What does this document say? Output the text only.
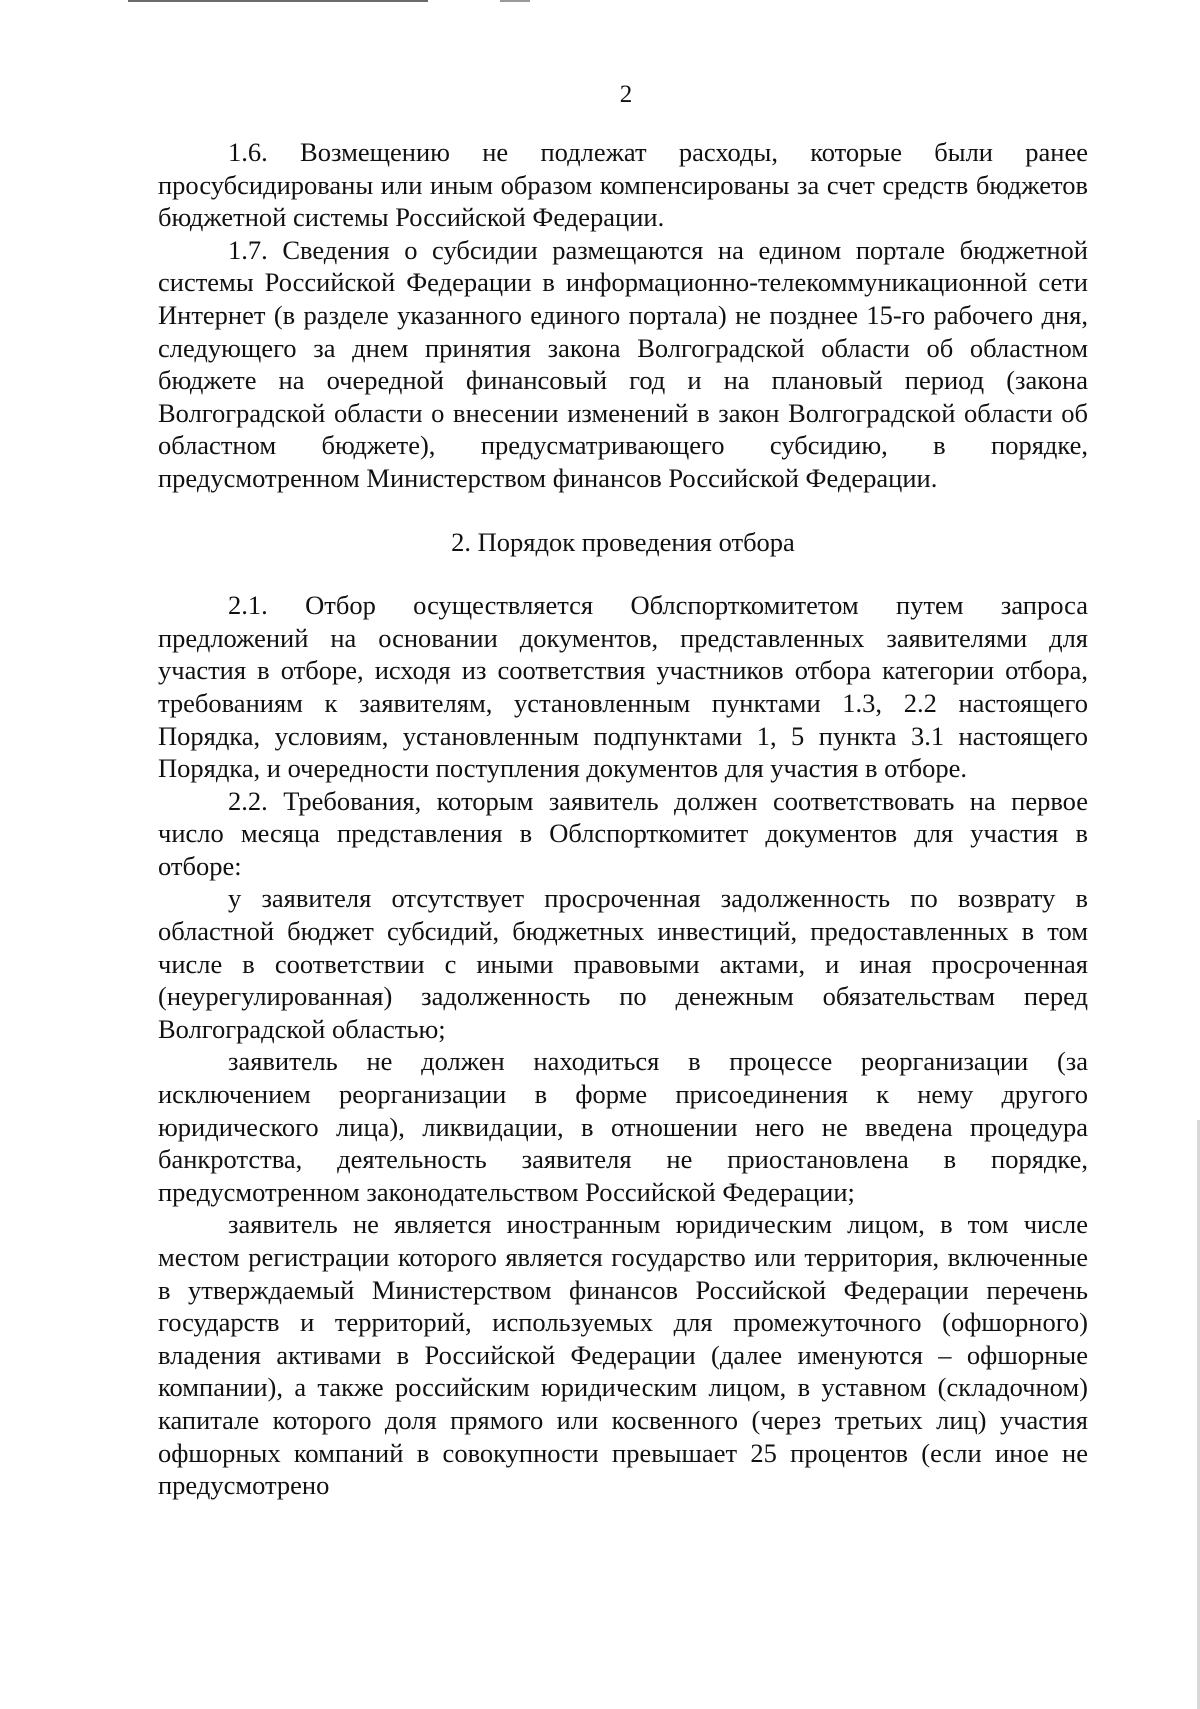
2

1.6. Возмещению не подлежат расходы, которые были ранее просубсидированы или иным образом компенсированы за счет средств бюджетов бюджетной системы Российской Федерации.

1.7. Сведения о субсидии размещаются на едином портале бюджетной системы Российской Федерации в информационно-телекоммуникационной сети Интернет (в разделе указанного единого портала) не позднее 15-го рабочего дня, следующего за днем принятия закона Волгоградской области об областном бюджете на очередной финансовый год и на плановый период (закона Волгоградской области о внесении изменений в закон Волгоградской области об областном бюджете), предусматривающего субсидию, в порядке, предусмотренном Министерством финансов Российской Федерации.

2. Порядок проведения отбора

2.1. Отбор осуществляется Облспорткомитетом путем запроса предложений на основании документов, представленных заявителями для участия в отборе, исходя из соответствия участников отбора категории отбора, требованиям к заявителям, установленным пунктами 1.3, 2.2 настоящего Порядка, условиям, установленным подпунктами 1, 5 пункта 3.1 настоящего Порядка, и очередности поступления документов для участия в отборе.

2.2. Требования, которым заявитель должен соответствовать на первое число месяца представления в Облспорткомитет документов для участия в отборе:

у заявителя отсутствует просроченная задолженность по возврату в областной бюджет субсидий, бюджетных инвестиций, предоставленных в том числе в соответствии с иными правовыми актами, и иная просроченная (неурегулированная) задолженность по денежным обязательствам перед Волгоградской областью;

заявитель не должен находиться в процессе реорганизации (за исключением реорганизации в форме присоединения к нему другого юридического лица), ликвидации, в отношении него не введена процедура банкротства, деятельность заявителя не приостановлена в порядке, предусмотренном законодательством Российской Федерации;

заявитель не является иностранным юридическим лицом, в том числе местом регистрации которого является государство или территория, включенные в утверждаемый Министерством финансов Российской Федерации перечень государств и территорий, используемых для промежуточного (офшорного) владения активами в Российской Федерации (далее именуются – офшорные компании), а также российским юридическим лицом, в уставном (складочном) капитале которого доля прямого или косвенного (через третьих лиц) участия офшорных компаний в совокупности превышает 25 процентов (если иное не предусмотрено
